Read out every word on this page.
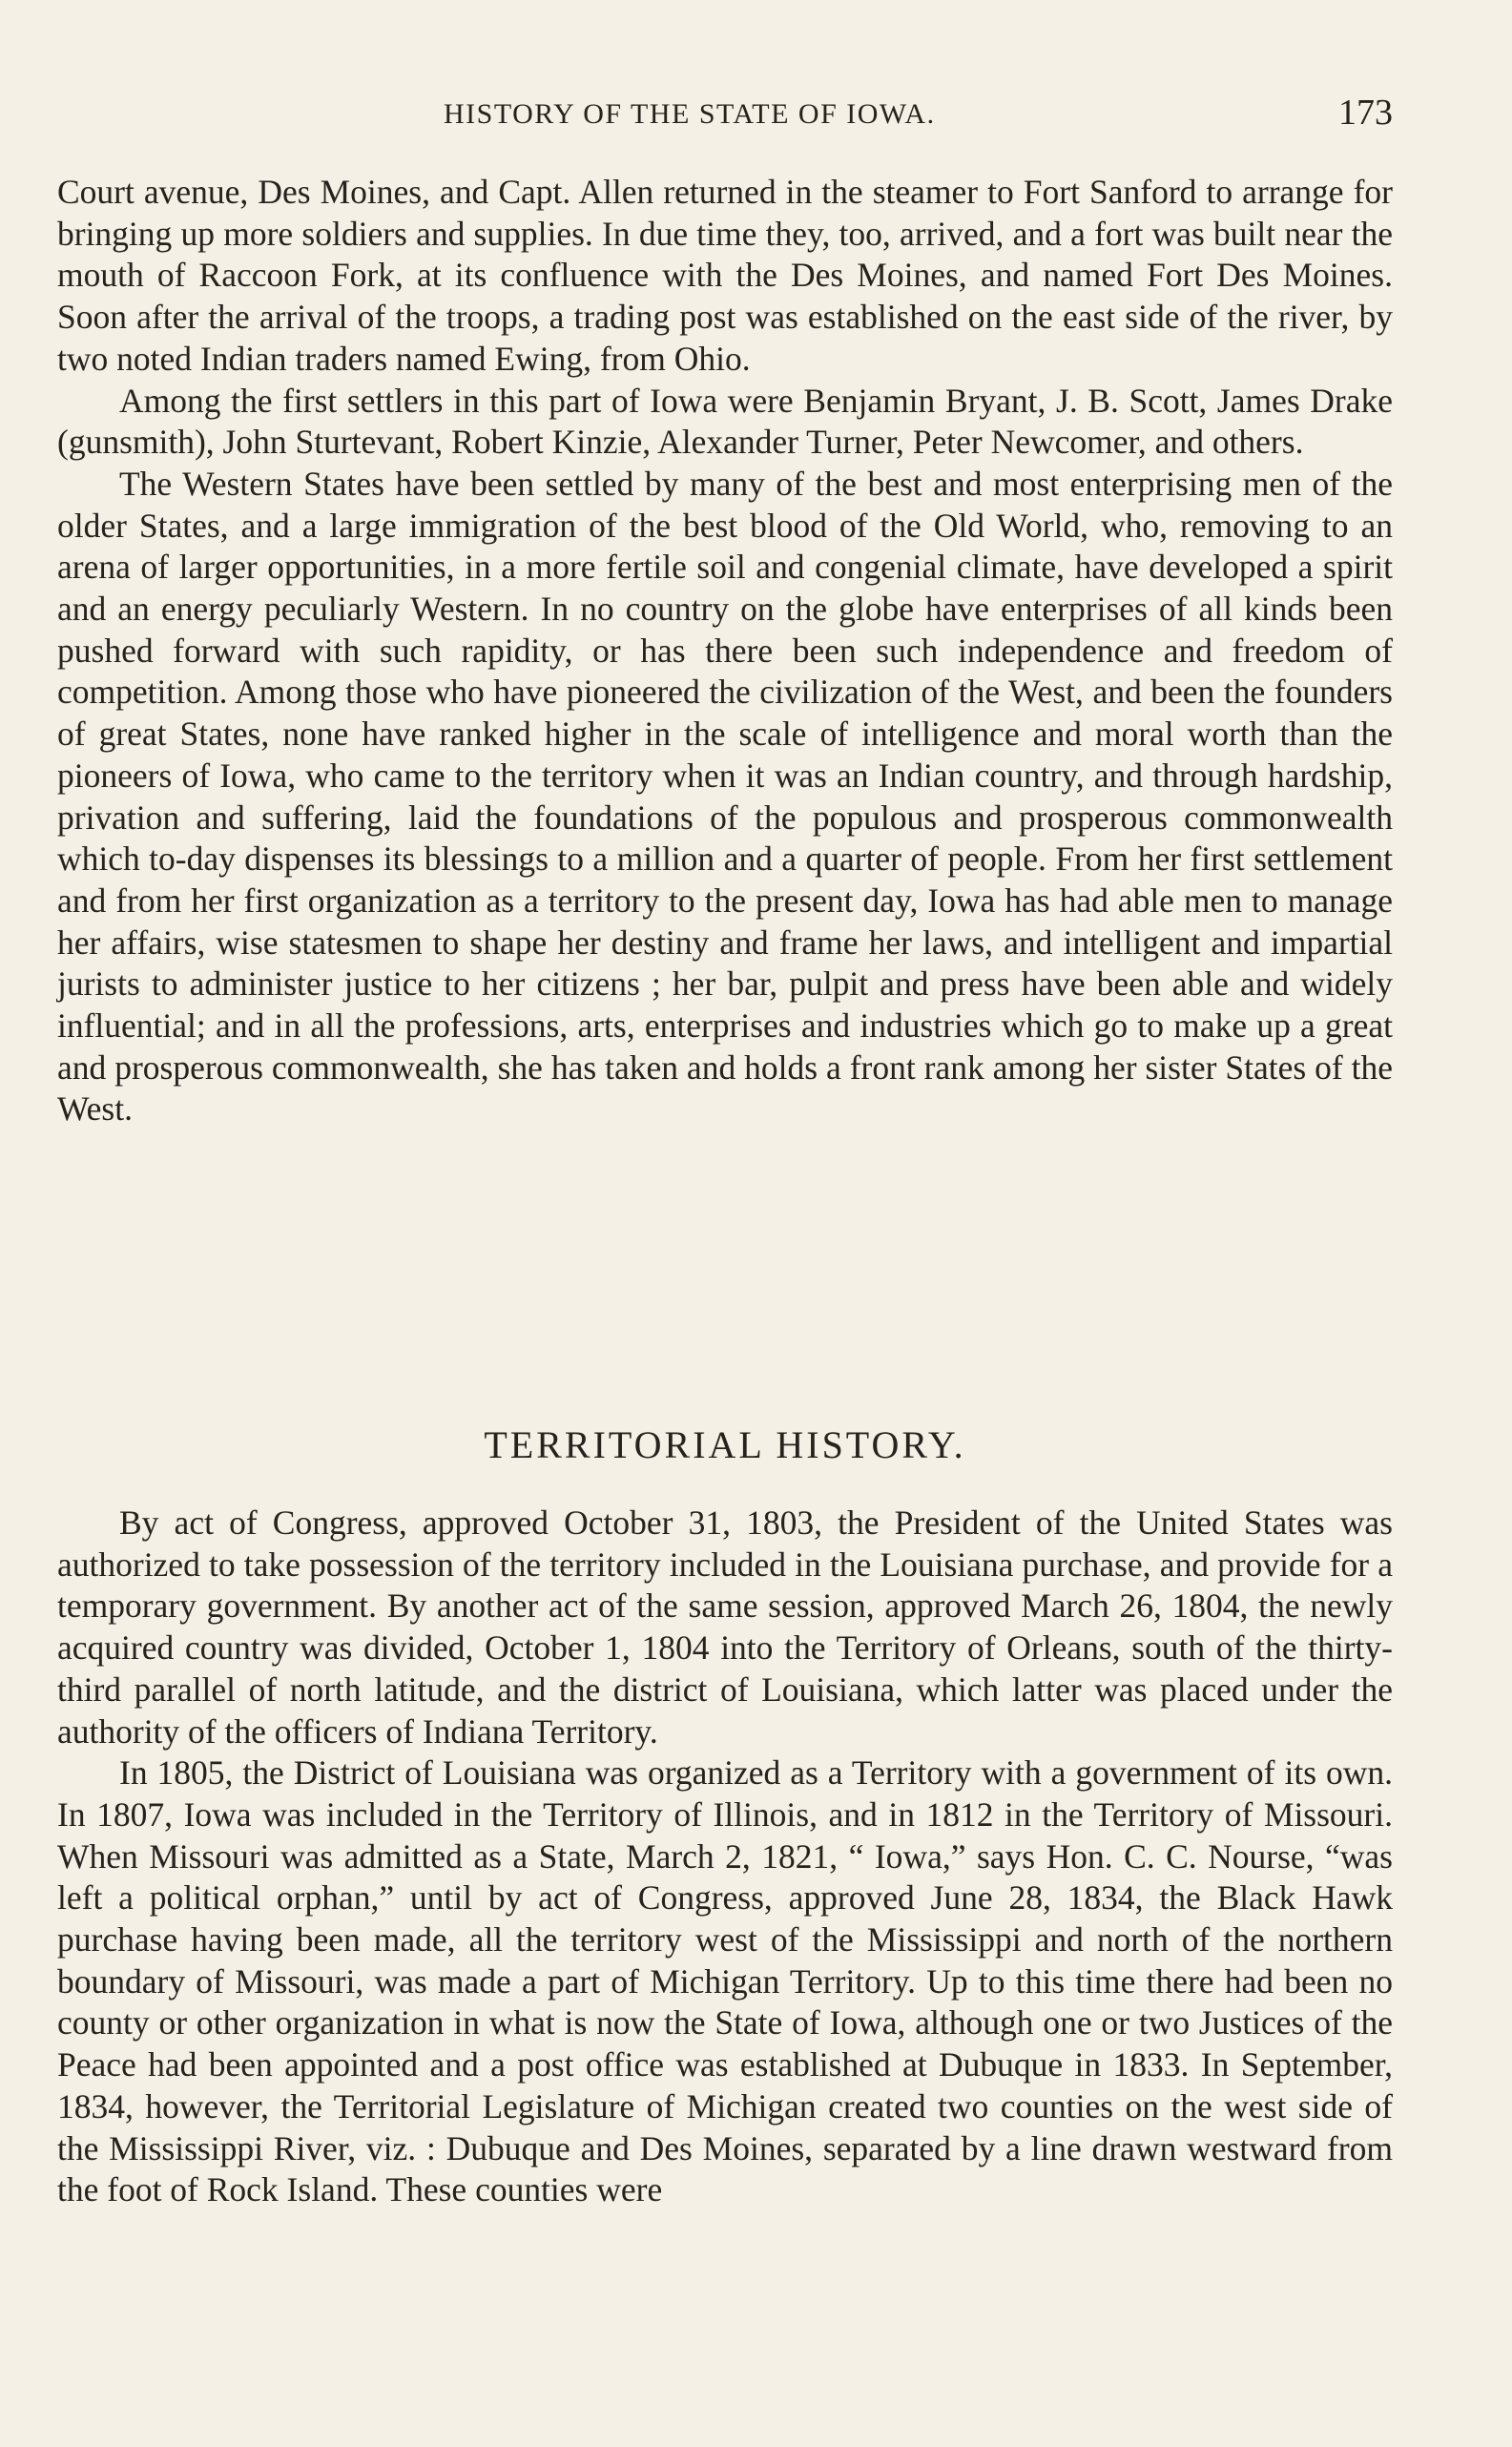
HISTORY OF THE STATE OF IOWA.	173

Court avenue, Des Moines, and Capt. Allen returned in the steamer to Fort Sanford to arrange for bringing up more soldiers and supplies. In due time they, too, arrived, and a fort was built near the mouth of Raccoon Fork, at its confluence with the Des Moines, and named Fort Des Moines. Soon after the arrival of the troops, a trading post was established on the east side of the river, by two noted Indian traders named Ewing, from Ohio.

Among the first settlers in this part of Iowa were Benjamin Bryant, J. B. Scott, James Drake (gunsmith), John Sturtevant, Robert Kinzie, Alexander Turner, Peter Newcomer, and others.

The Western States have been settled by many of the best and most enterprising men of the older States, and a large immigration of the best blood of the Old World, who, removing to an arena of larger opportunities, in a more fertile soil and congenial climate, have developed a spirit and an energy peculiarly Western. In no country on the globe have enterprises of all kinds been pushed forward with such rapidity, or has there been such independence and freedom of competition. Among those who have pioneered the civilization of the West, and been the founders of great States, none have ranked higher in the scale of intelligence and moral worth than the pioneers of Iowa, who came to the territory when it was an Indian country, and through hardship, privation and suffering, laid the foundations of the populous and prosperous commonwealth which to-day dispenses its blessings to a million and a quarter of people. From her first settlement and from her first organization as a territory to the present day, Iowa has had able men to manage her affairs, wise statesmen to shape her destiny and frame her laws, and intelligent and impartial jurists to administer justice to her citizens ; her bar, pulpit and press have been able and widely influential; and in all the professions, arts, enterprises and industries which go to make up a great and prosperous commonwealth, she has taken and holds a front rank among her sister States of the West.

TERRITORIAL HISTORY.

By act of Congress, approved October 31, 1803, the President of the United States was authorized to take possession of the territory included in the Louisiana purchase, and provide for a temporary government. By another act of the same session, approved March 26, 1804, the newly acquired country was divided, October 1, 1804 into the Territory of Orleans, south of the thirty-third parallel of north latitude, and the district of Louisiana, which latter was placed under the authority of the officers of Indiana Territory.

In 1805, the District of Louisiana was organized as a Territory with a government of its own. In 1807, Iowa was included in the Territory of Illinois, and in 1812 in the Territory of Missouri. When Missouri was admitted as a State, March 2, 1821, “ Iowa,” says Hon. C. C. Nourse, “was left a political orphan,” until by act of Congress, approved June 28, 1834, the Black Hawk purchase having been made, all the territory west of the Mississippi and north of the northern boundary of Missouri, was made a part of Michigan Territory. Up to this time there had been no county or other organization in what is now the State of Iowa, although one or two Justices of the Peace had been appointed and a post office was established at Dubuque in 1833. In September, 1834, however, the Territorial Legislature of Michigan created two counties on the west side of the Mississippi River, viz. : Dubuque and Des Moines, separated by a line drawn westward from the foot of Rock Island. These counties were
